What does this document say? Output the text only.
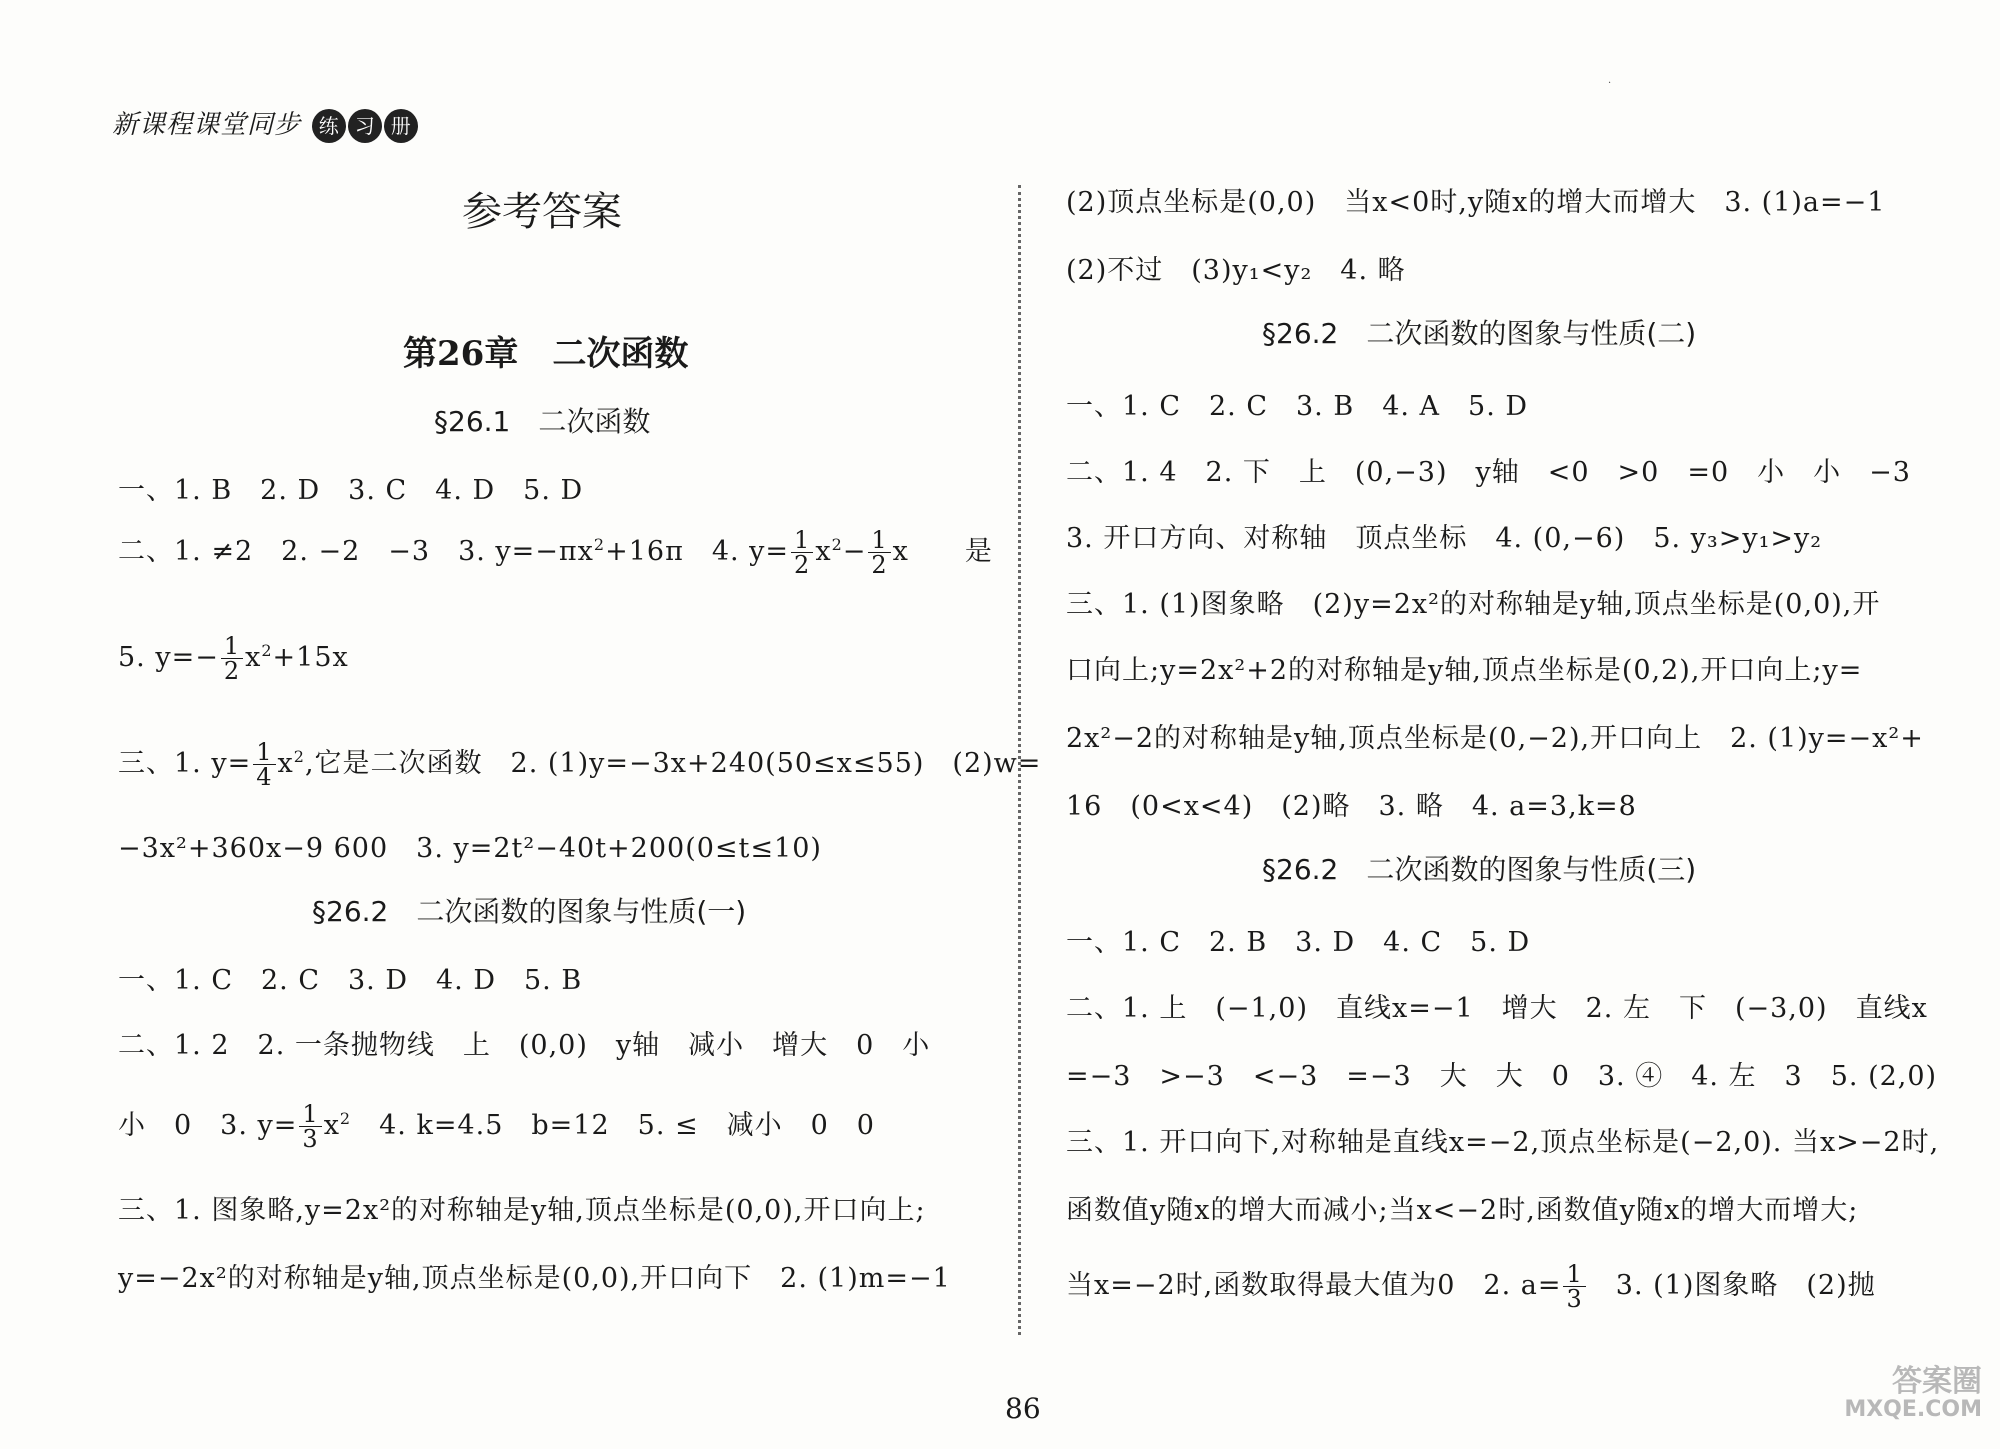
新课程课堂同步 练 习 册
·
参考答案
第26章　二次函数
§26.1　二次函数
一、1. B　2. D　3. C　4. D　5. D
二、1. ≠2　2. −2　−3　3. $y=-\pi x^2+16\pi$　4. $y= \frac{1}{2} x^2- \frac{1}{2}$ x　　是
5. $y=- \frac{1}{2} x^2+15x$
三、1. $y= \frac{1}{4} x^2$,它是二次函数　2. (1)y=−3x+240(50≤x≤55)　(2)w=
−3x²+360x−9 600　3. y=2t²−40t+200(0≤t≤10)
§26.2　二次函数的图象与性质(一)
一、1. C　2. C　3. D　4. D　5. B
二、1. 2　2. 一条抛物线　上　(0,0)　y轴　减小　增大　0　小
小　0　3. $y= \frac{1}{3} x^2$　4. k=4.5　b=12　5. ≤　减小　0　0
三、1. 图象略,y=2x²的对称轴是y轴,顶点坐标是(0,0),开口向上;
y=−2x²的对称轴是y轴,顶点坐标是(0,0),开口向下　2. (1)m=−1
(2)顶点坐标是(0,0)　当x<0时,y随x的增大而增大　3. (1)a=−1
(2)不过　(3)y₁<y₂　4. 略
§26.2　二次函数的图象与性质(二)
一、1. C　2. C　3. B　4. A　5. D
二、1. 4　2. 下　上　(0,−3)　y轴　<0　>0　=0　小　小　−3
3. 开口方向、对称轴　顶点坐标　4. (0,−6)　5. y₃>y₁>y₂
三、1. (1)图象略　(2)y=2x²的对称轴是y轴,顶点坐标是(0,0),开
口向上;y=2x²+2的对称轴是y轴,顶点坐标是(0,2),开口向上;y=
2x²−2的对称轴是y轴,顶点坐标是(0,−2),开口向上　2. (1)y=−x²+
16　(0<x<4)　(2)略　3. 略　4. a=3,k=8
§26.2　二次函数的图象与性质(三)
一、1. C　2. B　3. D　4. C　5. D
二、1. 上　(−1,0)　直线x=−1　增大　2. 左　下　(−3,0)　直线x
=−3　>−3　<−3　=−3　大　大　0　3. ④　4. 左　3　5. (2,0)
三、1. 开口向下,对称轴是直线x=−2,顶点坐标是(−2,0). 当x>−2时,
函数值y随x的增大而减小;当x<−2时,函数值y随x的增大而增大;
当x=−2时,函数取得最大值为0　2. $a= \frac{1}{3}$ 　3. (1)图象略　(2)抛
86
答案圈
MXQE.COM
